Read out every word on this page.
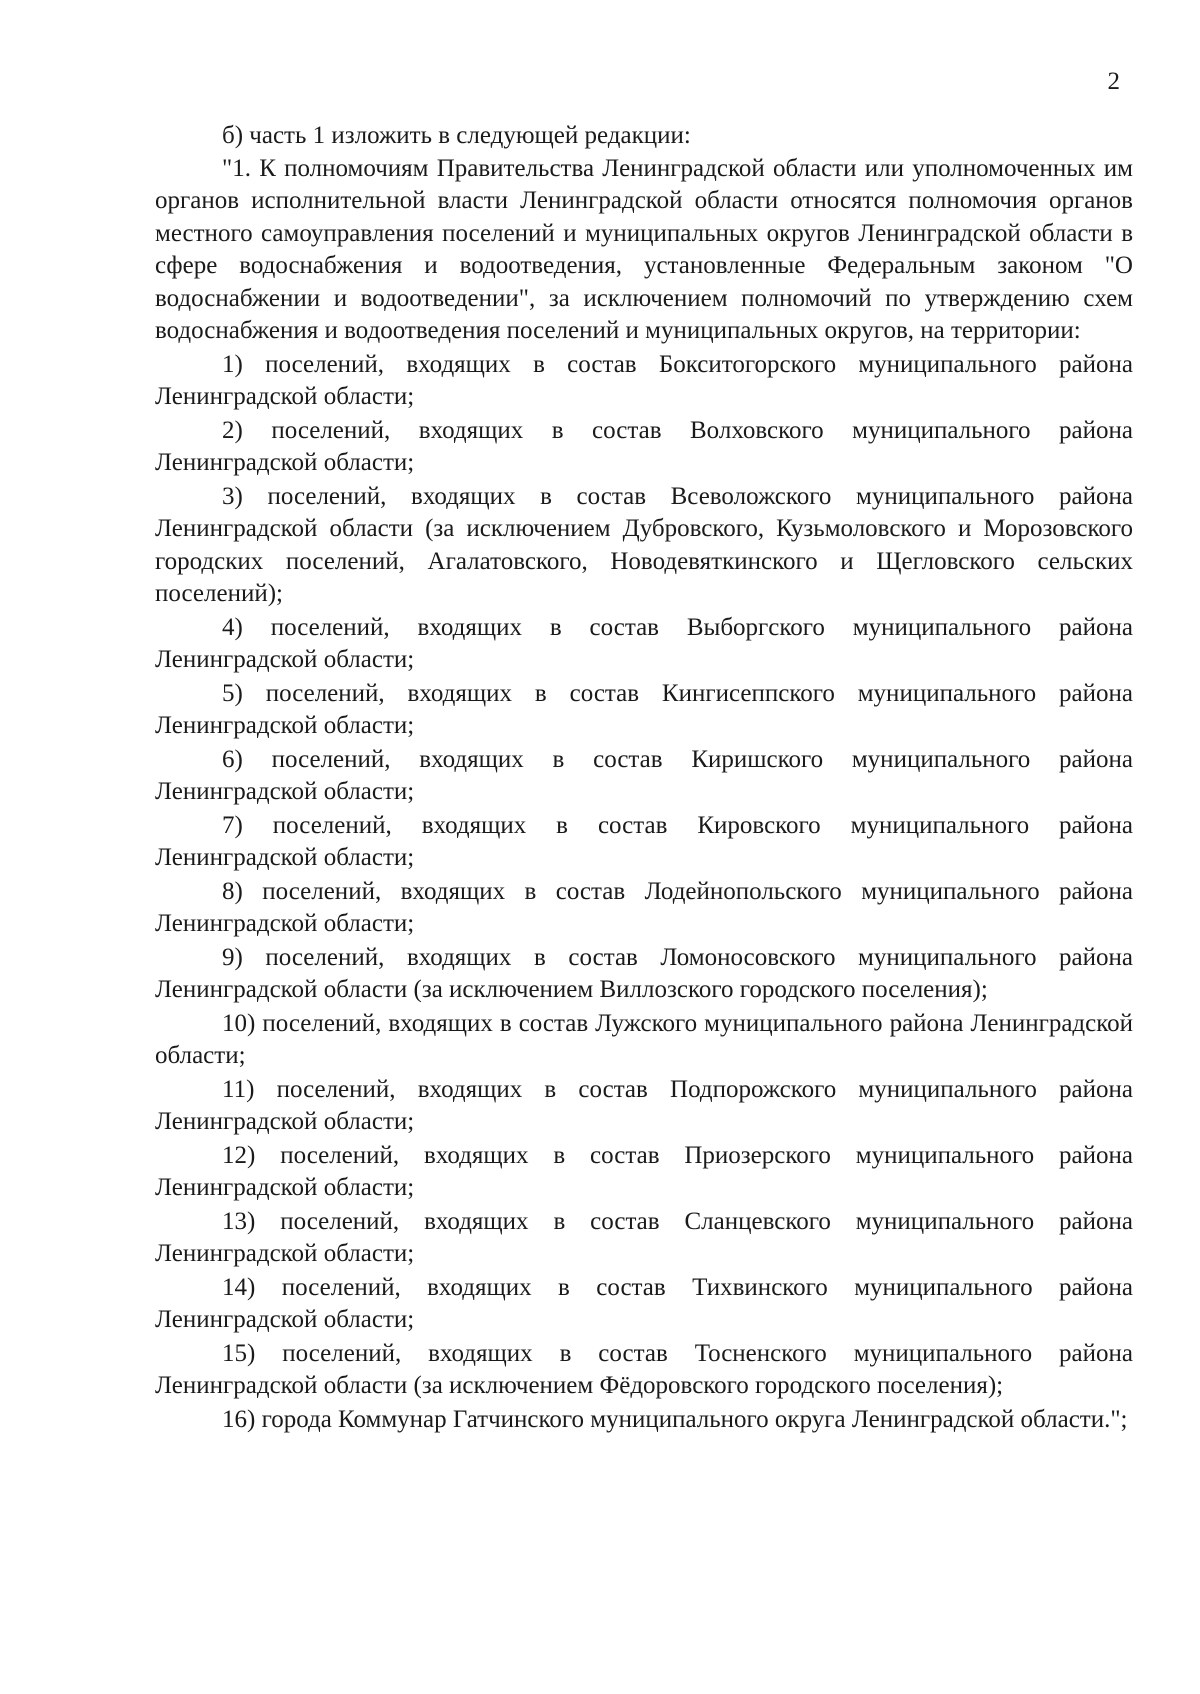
2

б) часть 1 изложить в следующей редакции:

"1. К полномочиям Правительства Ленинградской области или уполномоченных им органов исполнительной власти Ленинградской области относятся полномочия органов местного самоуправления поселений и муниципальных округов Ленинградской области в сфере водоснабжения и водоотведения, установленные Федеральным законом "О водоснабжении и водоотведении", за исключением полномочий по утверждению схем водоснабжения и водоотведения поселений и муниципальных округов, на территории:

1) поселений, входящих в состав Бокситогорского муниципального района Ленинградской области;

2) поселений, входящих в состав Волховского муниципального района Ленинградской области;

3) поселений, входящих в состав Всеволожского муниципального района Ленинградской области (за исключением Дубровского, Кузьмоловского и Морозовского городских поселений, Агалатовского, Новодевяткинского и Щегловского сельских поселений);

4) поселений, входящих в состав Выборгского муниципального района Ленинградской области;

5) поселений, входящих в состав Кингисеппского муниципального района Ленинградской области;

6) поселений, входящих в состав Киришского муниципального района Ленинградской области;

7) поселений, входящих в состав Кировского муниципального района Ленинградской области;

8) поселений, входящих в состав Лодейнопольского муниципального района Ленинградской области;

9) поселений, входящих в состав Ломоносовского муниципального района Ленинградской области (за исключением Виллозского городского поселения);

10) поселений, входящих в состав Лужского муниципального района Ленинградской области;

11) поселений, входящих в состав Подпорожского муниципального района Ленинградской области;

12) поселений, входящих в состав Приозерского муниципального района Ленинградской области;

13) поселений, входящих в состав Сланцевского муниципального района Ленинградской области;

14) поселений, входящих в состав Тихвинского муниципального района Ленинградской области;

15) поселений, входящих в состав Тосненского муниципального района Ленинградской области (за исключением Фёдоровского городского поселения);

16) города Коммунар Гатчинского муниципального округа Ленинградской области.";
